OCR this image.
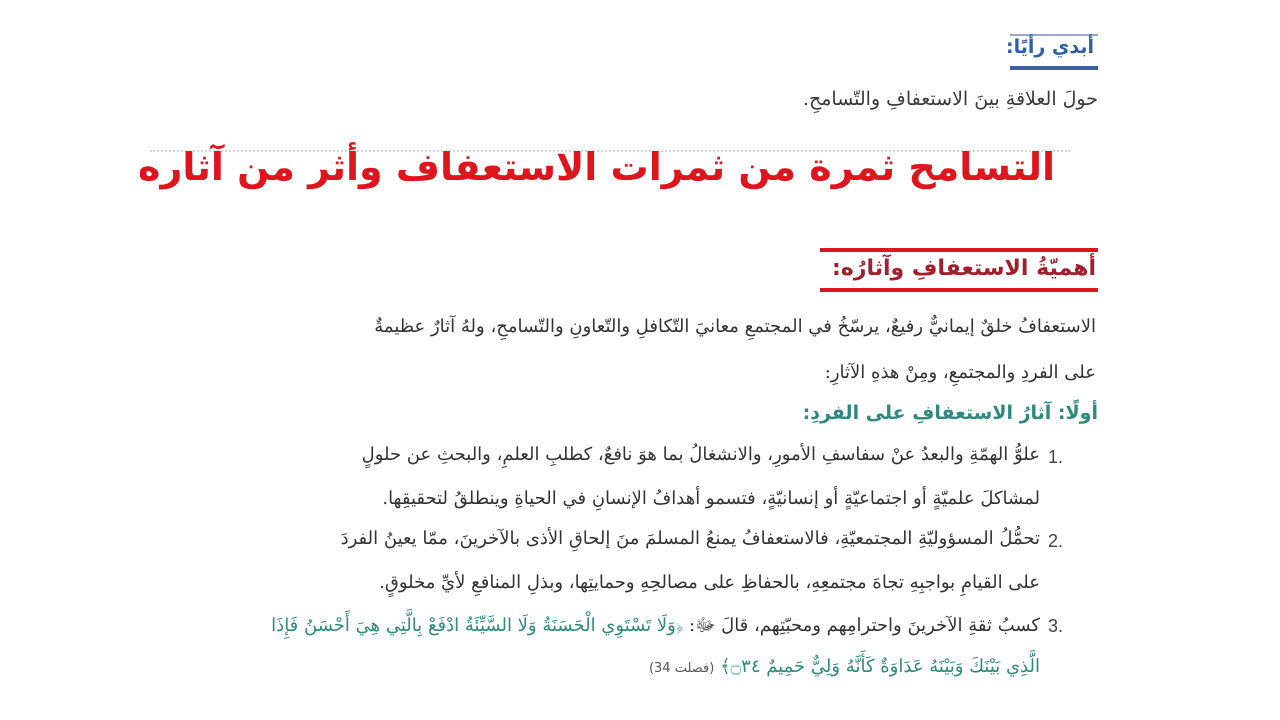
أبدي رأيًا:
حولَ العلاقةِ بينَ الاستعفافِ والتّسامحِ.
التسامح ثمرة من ثمرات الاستعفاف وأثر من آثاره
أهميّةُ الاستعفافِ وآثارُه:
الاستعفافُ خلقٌ إيمانيٌّ رفيعٌ، يرسّخُ في المجتمعِ معانيَ التّكافلِ والتّعاونِ والتّسامحِ، ولهُ آثارٌ عظيمةٌ
على الفردِ والمجتمعِ، ومِنْ هذهِ الآثارِ:
أولًا: آثارُ الاستعفافِ على الفردِ:
1.
علوُّ الهمّةِ والبعدُ عنْ سفاسفِ الأمورِ، والانشغالُ بما هوَ نافعٌ، كطلبِ العلمِ، والبحثِ عن حلولٍ
لمشاكلَ علميّةٍ أو اجتماعيّةٍ أو إنسانيّةٍ، فتسمو أهدافُ الإنسانِ في الحياةِ وينطلقُ لتحقيقِها.
2.
تحمُّلُ المسؤوليّةِ المجتمعيّةِ، فالاستعفافُ يمنعُ المسلمَ منَ إلحاقِ الأذى بالآخرينَ، ممّا يعينُ الفردَ
على القيامِ بواجبِهِ تجاهَ مجتمعِهِ، بالحفاظِ على مصالحِهِ وحمايتِها، وبذلِ المنافعِ لأيِّ مخلوقٍ.
3.
كسبُ ثقةِ الآخرينَ واحترامِهم ومحبّتِهم، قالَ ﷻ: ﴿وَلَا تَسْتَوِي الْحَسَنَةُ وَلَا السَّيِّئَةُ ادْفَعْ بِالَّتِي هِيَ أَحْسَنُ فَإِذَا
الَّذِي بَيْنَكَ وَبَيْنَهُ عَدَاوَةٌ كَأَنَّهُ وَلِيٌّ حَمِيمٌ ۝٣٤﴾ (فصلت 34)
